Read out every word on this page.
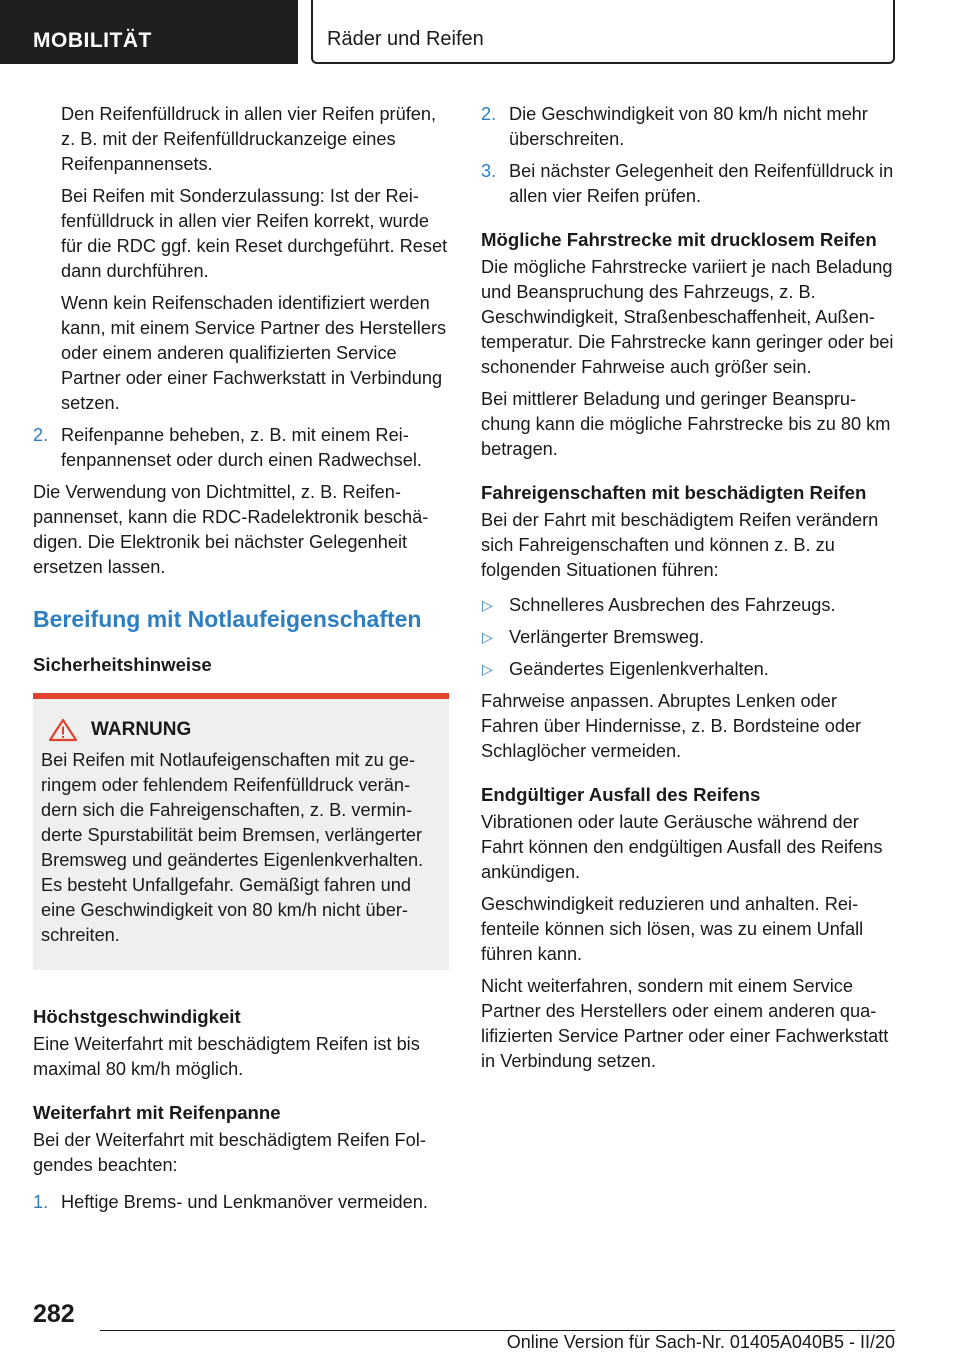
MOBILITÄT	Räder und Reifen

Den Reifenfülldruck in allen vier Reifen prüfen, z. B. mit der Reifenfülldruckanzeige eines Reifenpannensets.

Bei Reifen mit Sonderzulassung: Ist der Reifenfülldruck in allen vier Reifen korrekt, wurde für die RDC ggf. kein Reset durchgeführt. Reset dann durchführen.

Wenn kein Reifenschaden identifiziert werden kann, mit einem Service Partner des Herstellers oder einem anderen qualifizierten Service Partner oder einer Fachwerkstatt in Verbindung setzen.

2. Reifenpanne beheben, z. B. mit einem Reifenpannenset oder durch einen Radwechsel.

Die Verwendung von Dichtmittel, z. B. Reifenpannenset, kann die RDC-Radelektronik beschädigen. Die Elektronik bei nächster Gelegenheit ersetzen lassen.

Bereifung mit Notlaufeigenschaften
Sicherheitshinweise
WARNUNG

Bei Reifen mit Notlaufeigenschaften mit zu geringem oder fehlendem Reifenfülldruck verändern sich die Fahreigenschaften, z. B. verminderte Spurstabilität beim Bremsen, verlängerter Bremsweg und geändertes Eigenlenkverhalten. Es besteht Unfallgefahr. Gemäßigt fahren und eine Geschwindigkeit von 80 km/h nicht überschreiten.

Höchstgeschwindigkeit

Eine Weiterfahrt mit beschädigtem Reifen ist bis maximal 80 km/h möglich.

Weiterfahrt mit Reifenpanne

Bei der Weiterfahrt mit beschädigtem Reifen Folgendes beachten:

1. Heftige Brems- und Lenkmanöver vermeiden.
2. Die Geschwindigkeit von 80 km/h nicht mehr überschreiten.
3. Bei nächster Gelegenheit den Reifenfülldruck in allen vier Reifen prüfen.
Mögliche Fahrstrecke mit drucklosem Reifen

Die mögliche Fahrstrecke variiert je nach Beladung und Beanspruchung des Fahrzeugs, z. B. Geschwindigkeit, Straßenbeschaffenheit, Außentemperatur. Die Fahrstrecke kann geringer oder bei schonender Fahrweise auch größer sein.

Bei mittlerer Beladung und geringer Beanspruchung kann die mögliche Fahrstrecke bis zu 80 km betragen.

Fahreigenschaften mit beschädigten Reifen

Bei der Fahrt mit beschädigtem Reifen verändern sich Fahreigenschaften und können z. B. zu folgenden Situationen führen:

▷ Schnelleres Ausbrechen des Fahrzeugs.
▷ Verlängerter Bremsweg.
▷ Geändertes Eigenlenkverhalten.

Fahrweise anpassen. Abruptes Lenken oder Fahren über Hindernisse, z. B. Bordsteine oder Schlaglöcher vermeiden.

Endgültiger Ausfall des Reifens

Vibrationen oder laute Geräusche während der Fahrt können den endgültigen Ausfall des Reifens ankündigen.

Geschwindigkeit reduzieren und anhalten. Reifenteile können sich lösen, was zu einem Unfall führen kann.

Nicht weiterfahren, sondern mit einem Service Partner des Herstellers oder einem anderen qualifizierten Service Partner oder einer Fachwerkstatt in Verbindung setzen.

282
Online Version für Sach-Nr. 01405A040B5 - II/20
